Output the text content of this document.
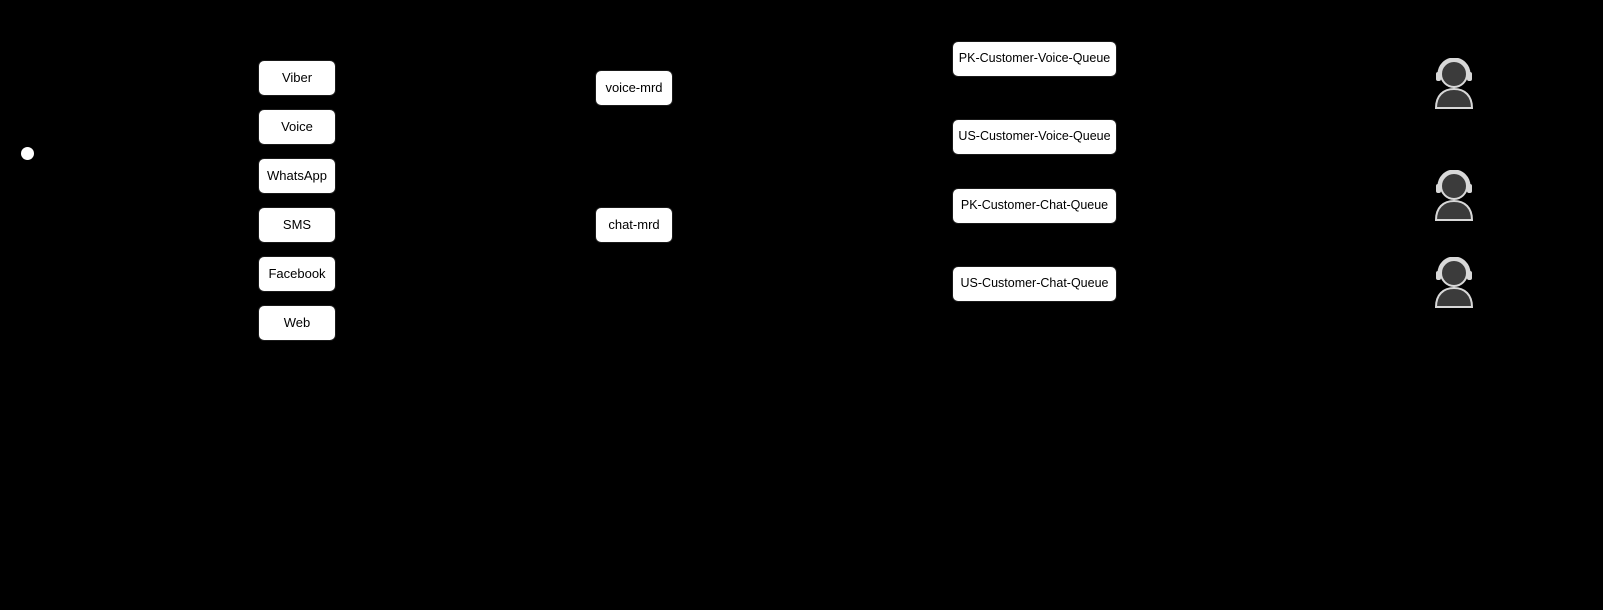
Viber
Voice
WhatsApp
SMS
Facebook
Web
voice-mrd
chat-mrd
PK-Customer-Voice-Queue
US-Customer-Voice-Queue
PK-Customer-Chat-Queue
US-Customer-Chat-Queue
